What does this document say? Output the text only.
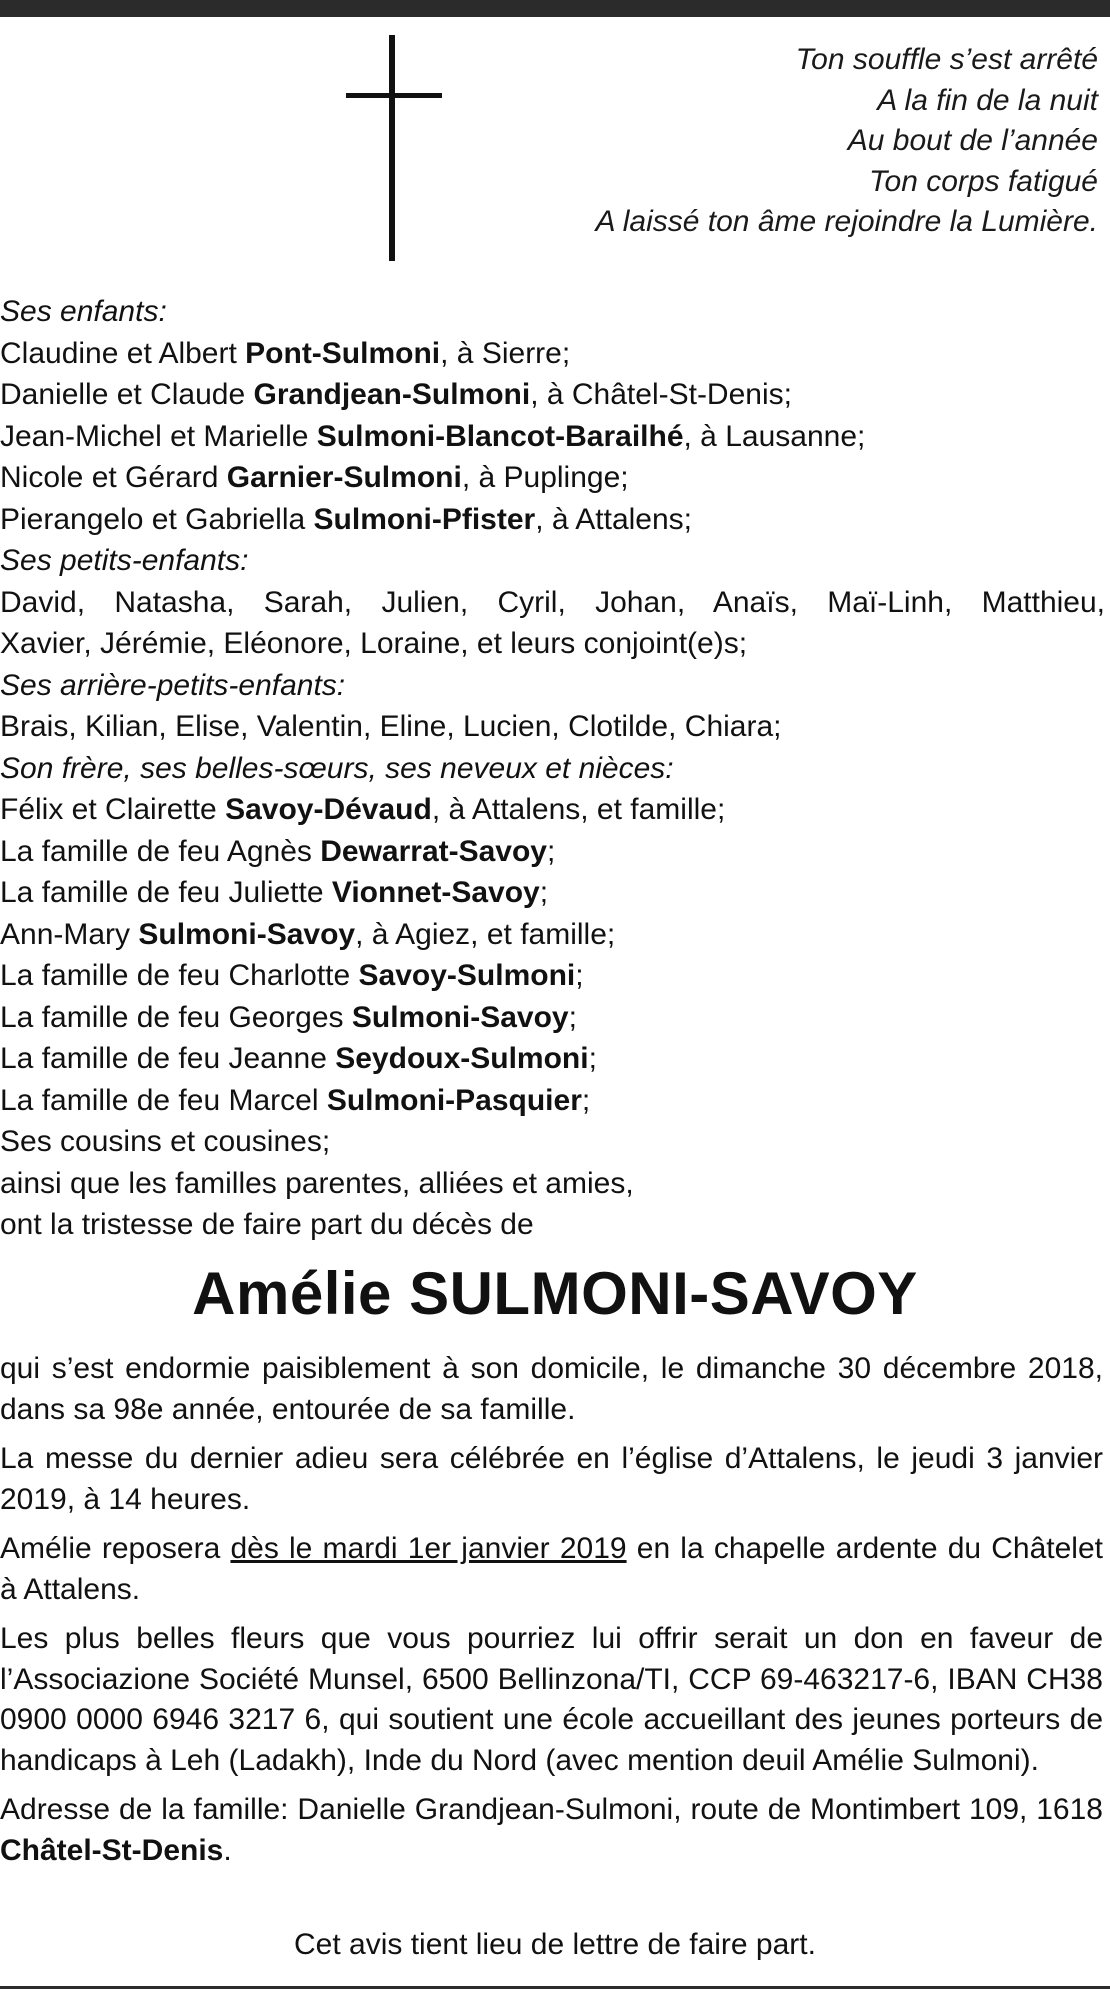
Ton souffle s’est arrêté
A la fin de la nuit
Au bout de l’année
Ton corps fatigué
A laissé ton âme rejoindre la Lumière.
Ses enfants:
Claudine et Albert Pont-Sulmoni, à Sierre;
Danielle et Claude Grandjean-Sulmoni, à Châtel-St-Denis;
Jean-Michel et Marielle Sulmoni-Blancot-Barailhé, à Lausanne;
Nicole et Gérard Garnier-Sulmoni, à Puplinge;
Pierangelo et Gabriella Sulmoni-Pfister, à Attalens;
Ses petits-enfants:
David, Natasha, Sarah, Julien, Cyril, Johan, Anaïs, Maï-Linh, Matthieu,
Xavier, Jérémie, Eléonore, Loraine, et leurs conjoint(e)s;
Ses arrière-petits-enfants:
Brais, Kilian, Elise, Valentin, Eline, Lucien, Clotilde, Chiara;
Son frère, ses belles-sœurs, ses neveux et nièces:
Félix et Clairette Savoy-Dévaud, à Attalens, et famille;
La famille de feu Agnès Dewarrat-Savoy;
La famille de feu Juliette Vionnet-Savoy;
Ann-Mary Sulmoni-Savoy, à Agiez, et famille;
La famille de feu Charlotte Savoy-Sulmoni;
La famille de feu Georges Sulmoni-Savoy;
La famille de feu Jeanne Seydoux-Sulmoni;
La famille de feu Marcel Sulmoni-Pasquier;
Ses cousins et cousines;
ainsi que les familles parentes, alliées et amies,
ont la tristesse de faire part du décès de
Amélie SULMONI-SAVOY

qui s’est endormie paisiblement à son domicile, le dimanche 30 décembre 2018, dans sa 98e année, entourée de sa famille.

La messe du dernier adieu sera célébrée en l’église d’Attalens, le jeudi 3 janvier 2019, à 14 heures.

Amélie reposera dès le mardi 1er janvier 2019 en la chapelle ardente du Châtelet à Attalens.

Les plus belles fleurs que vous pourriez lui offrir serait un don en faveur de l’Associazione Société Munsel, 6500 Bellinzona/TI, CCP 69-463217-6, IBAN CH38 0900 0000 6946 3217 6, qui soutient une école accueillant des jeunes porteurs de handicaps à Leh (Ladakh), Inde du Nord (avec mention deuil Amélie Sulmoni).

Adresse de la famille: Danielle Grandjean-Sulmoni, route de Montimbert 109, 1618 Châtel-St-Denis.

Cet avis tient lieu de lettre de faire part.
